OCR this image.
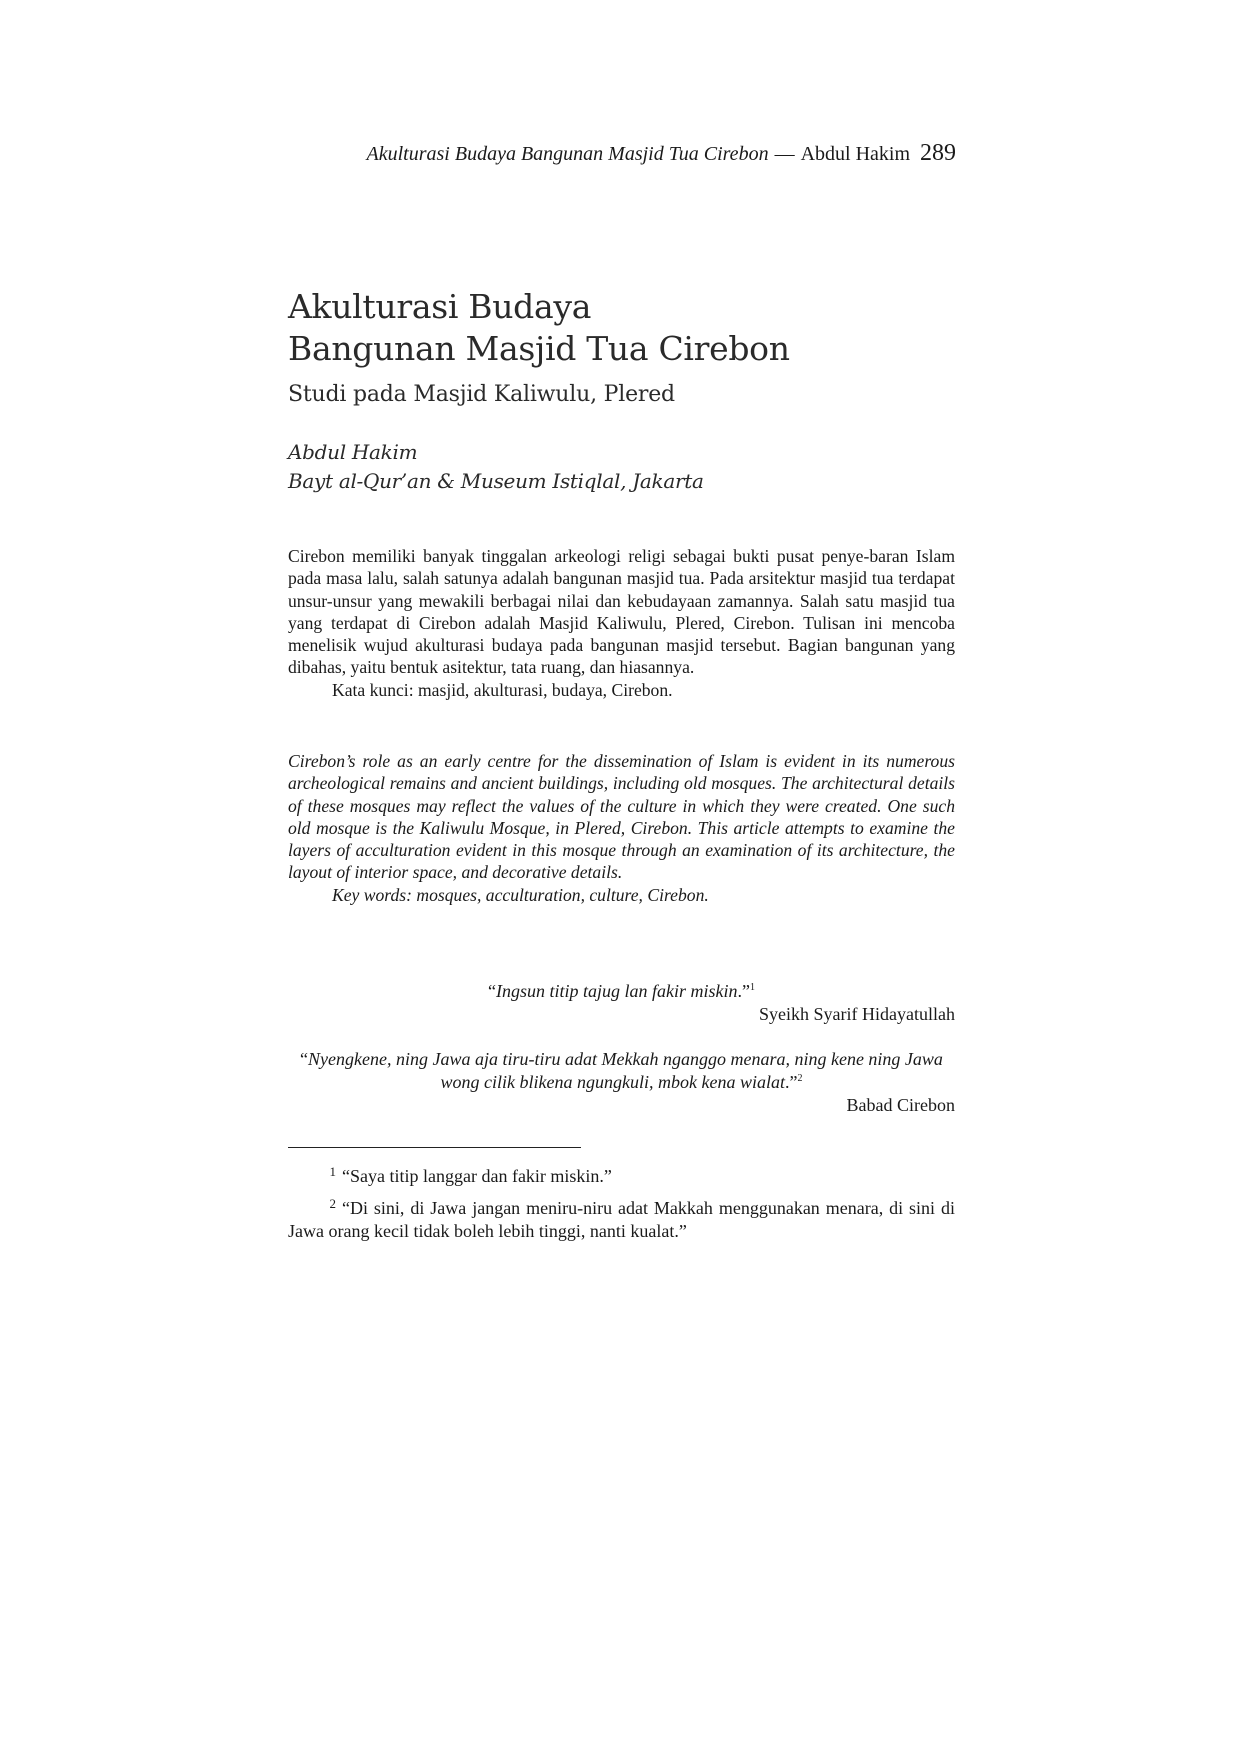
Akulturasi Budaya Bangunan Masjid Tua Cirebon — Abdul Hakim 289
Akulturasi Budaya
Bangunan Masjid Tua Cirebon
Studi pada Masjid Kaliwulu, Plered
Abdul Hakim
Bayt al-Qur’an & Museum Istiqlal, Jakarta

Cirebon memiliki banyak tinggalan arkeologi religi sebagai bukti pusat penye-baran Islam pada masa lalu, salah satunya adalah bangunan masjid tua. Pada arsitektur masjid tua terdapat unsur-unsur yang mewakili berbagai nilai dan kebudayaan zamannya. Salah satu masjid tua yang terdapat di Cirebon adalah Masjid Kaliwulu, Plered, Cirebon. Tulisan ini mencoba menelisik wujud akulturasi budaya pada bangunan masjid tersebut. Bagian bangunan yang dibahas, yaitu bentuk asitektur, tata ruang, dan hiasannya.

Kata kunci: masjid, akulturasi, budaya, Cirebon.

Cirebon’s role as an early centre for the dissemination of Islam is evident in its numerous archeological remains and ancient buildings, including old mosques. The architectural details of these mosques may reflect the values of the culture in which they were created. One such old mosque is the Kaliwulu Mosque, in Plered, Cirebon. This article attempts to examine the layers of acculturation evident in this mosque through an examination of its architecture, the layout of interior space, and decorative details.

Key words: mosques, acculturation, culture, Cirebon.

“Ingsun titip tajug lan fakir miskin.”$^1$
Syeikh Syarif Hidayatullah
“Nyengkene, ning Jawa aja tiru-tiru adat Mekkah nganggo menara, ning kene ning Jawa wong cilik blikena ngungkuli, mbok kena wialat.”$^2$
Babad Cirebon

1 “Saya titip langgar dan fakir miskin.”

2 “Di sini, di Jawa jangan meniru-niru adat Makkah menggunakan menara, di sini di Jawa orang kecil tidak boleh lebih tinggi, nanti kualat.”
